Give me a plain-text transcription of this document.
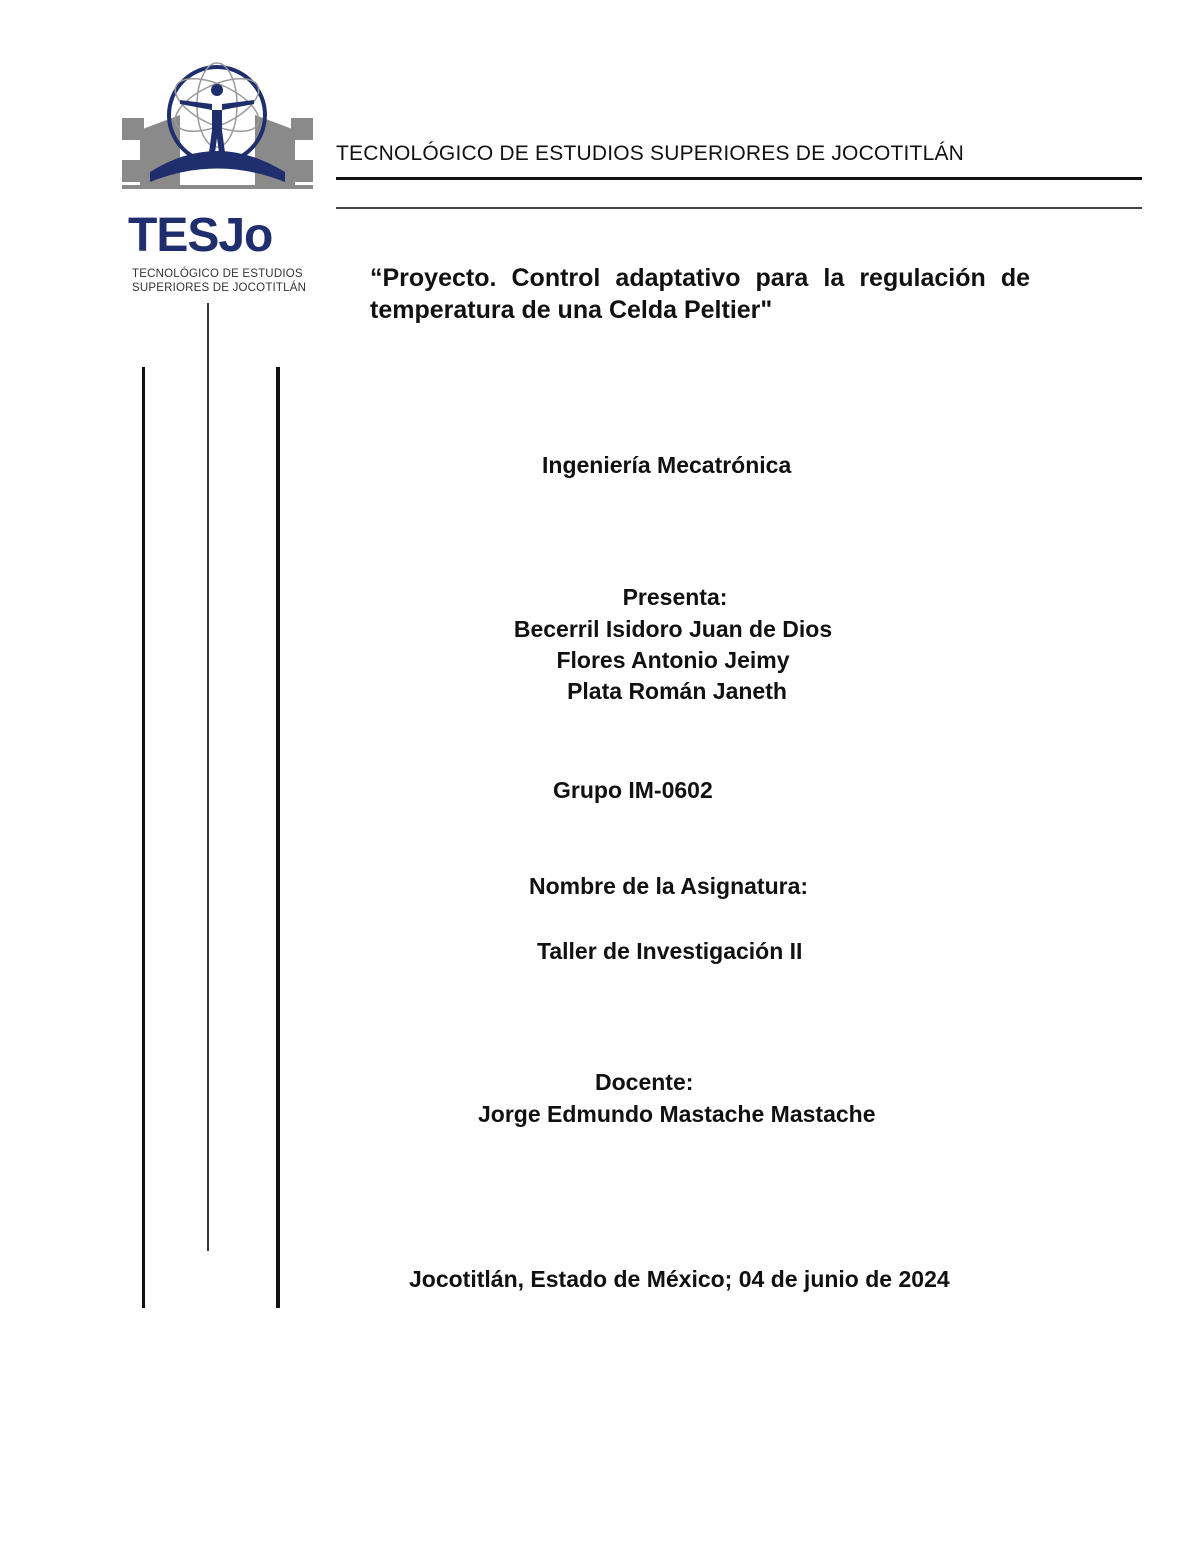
TESJo
TECNOLÓGICO DE ESTUDIOS
SUPERIORES DE JOCOTITLÁN
TECNOLÓGICO DE ESTUDIOS SUPERIORES DE JOCOTITLÁN
“Proyecto. Control adaptativo para la regulación de temperatura de una Celda Peltier"
Ingeniería Mecatrónica
Presenta:
Becerril Isidoro Juan de Dios
Flores Antonio Jeimy
Plata Román Janeth
Grupo IM-0602
Nombre de la Asignatura:
Taller de Investigación II
Docente:
Jorge Edmundo Mastache Mastache
Jocotitlán, Estado de México; 04 de junio de 2024
